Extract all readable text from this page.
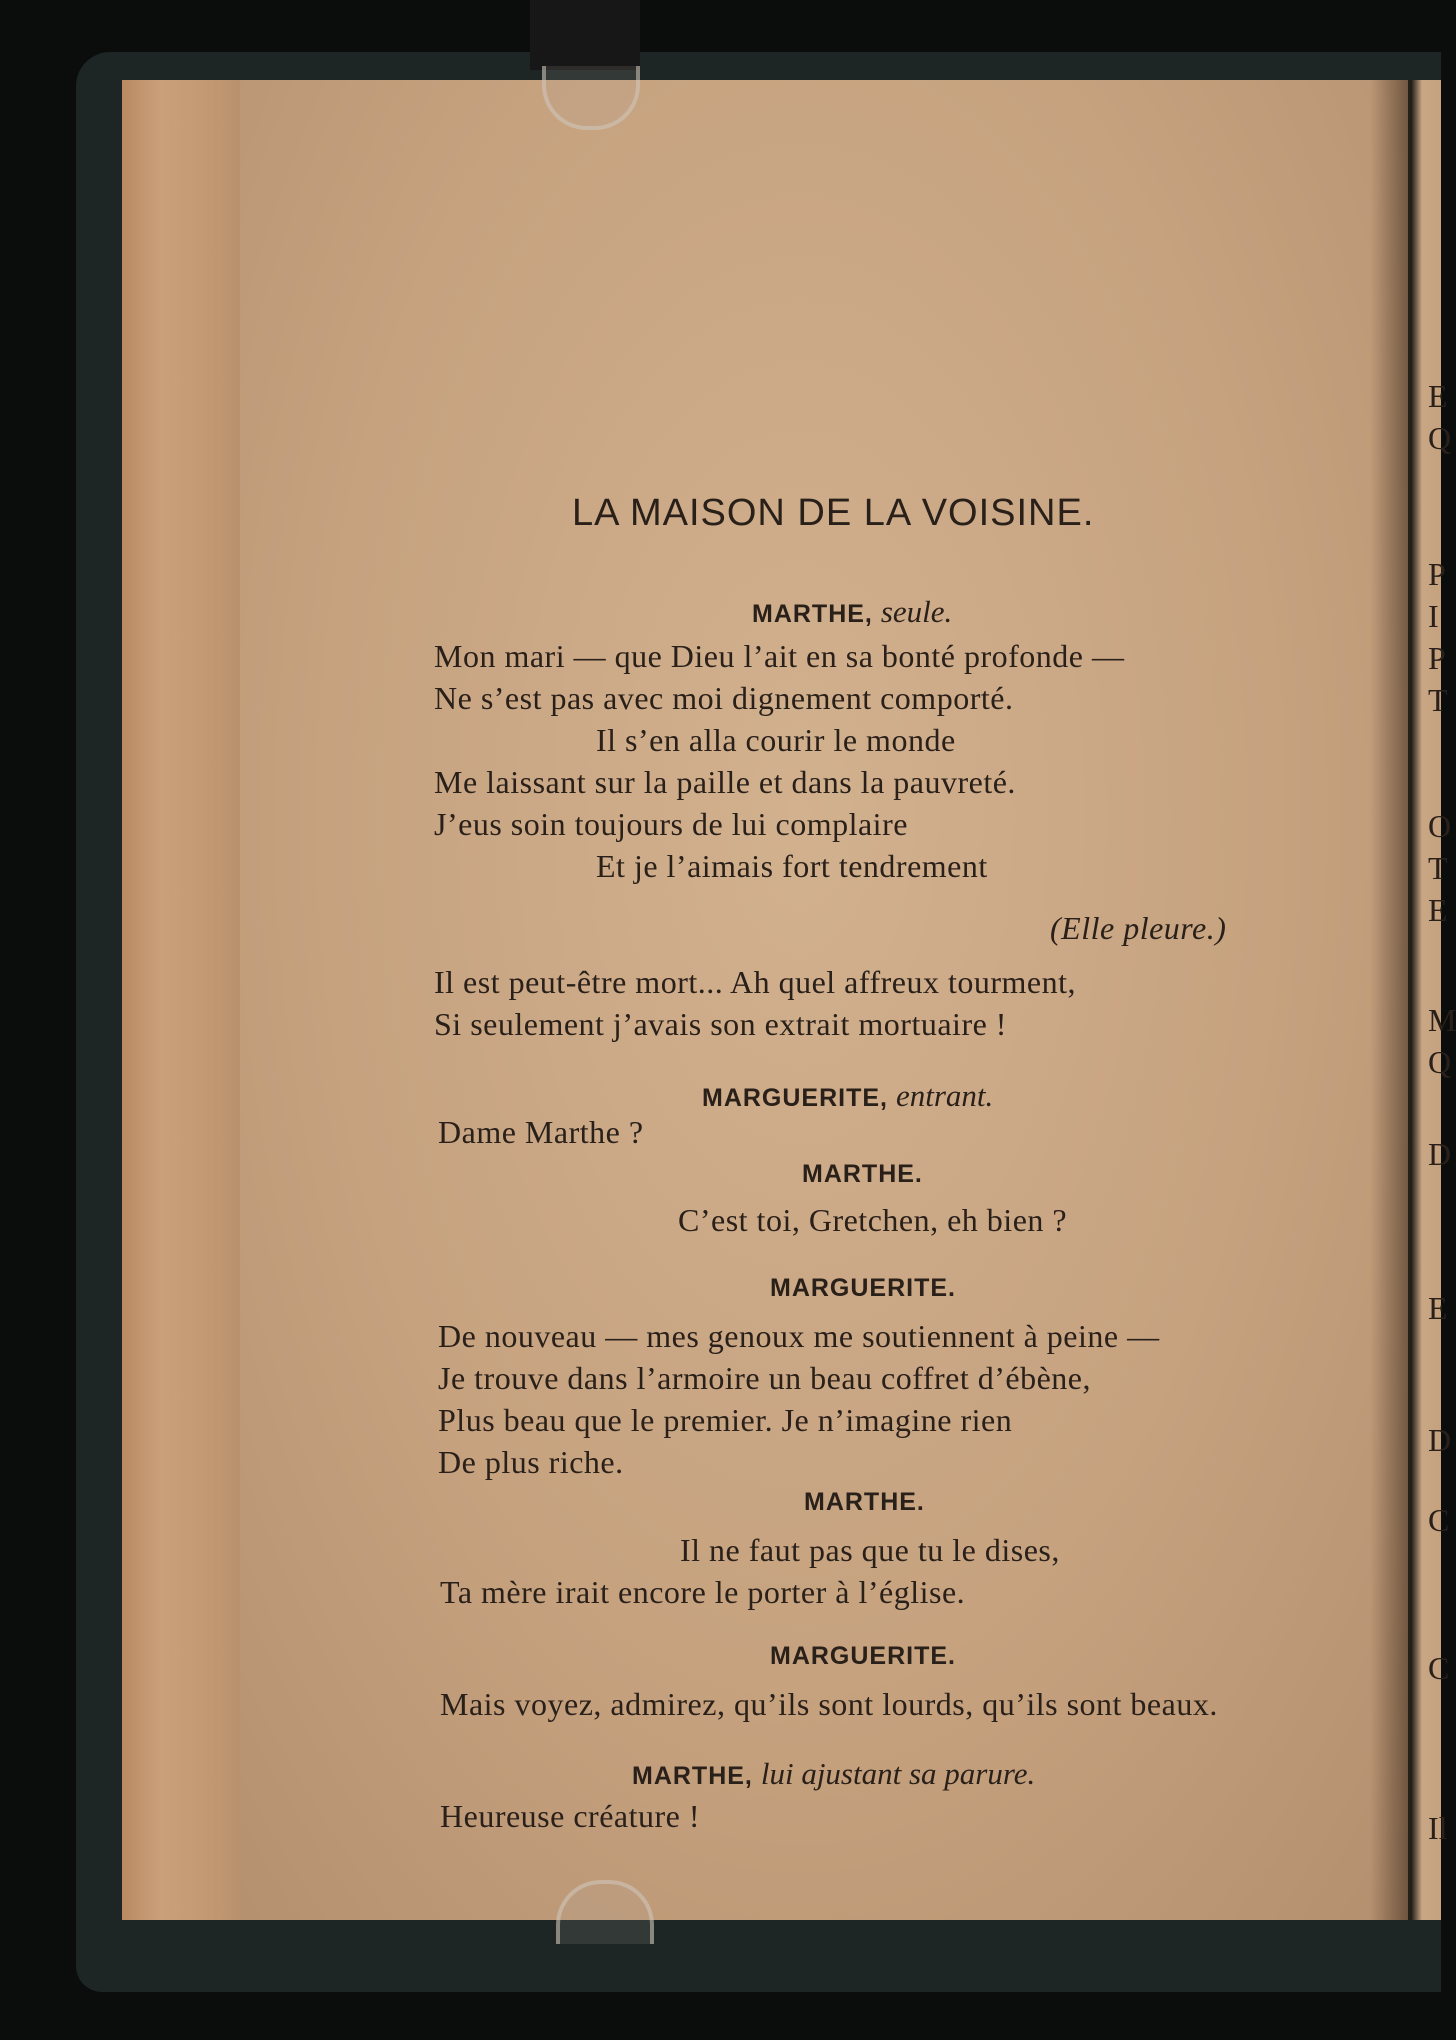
LA MAISON DE LA VOISINE.
MARTHE, seule.
Mon mari — que Dieu l’ait en sa bonté profonde —
Ne s’est pas avec moi dignement comporté.
Il s’en alla courir le monde
Me laissant sur la paille et dans la pauvreté.
J’eus soin toujours de lui complaire
Et je l’aimais fort tendrement
(Elle pleure.)
Il est peut-être mort... Ah quel affreux tourment,
Si seulement j’avais son extrait mortuaire !
MARGUERITE, entrant.
Dame Marthe ?
MARTHE.
C’est toi, Gretchen, eh bien ?
MARGUERITE.
De nouveau — mes genoux me soutiennent à peine —
Je trouve dans l’armoire un beau coffret d’ébène,
Plus beau que le premier. Je n’imagine rien
De plus riche.
MARTHE.
Il ne faut pas que tu le dises,
Ta mère irait encore le porter à l’église.
MARGUERITE.
Mais voyez, admirez, qu’ils sont lourds, qu’ils sont beaux.
MARTHE, lui ajustant sa parure.
Heureuse créature !
E
Q
P
I
P
T
O
T
E
M
Q
D
E
D
C
C
Il
